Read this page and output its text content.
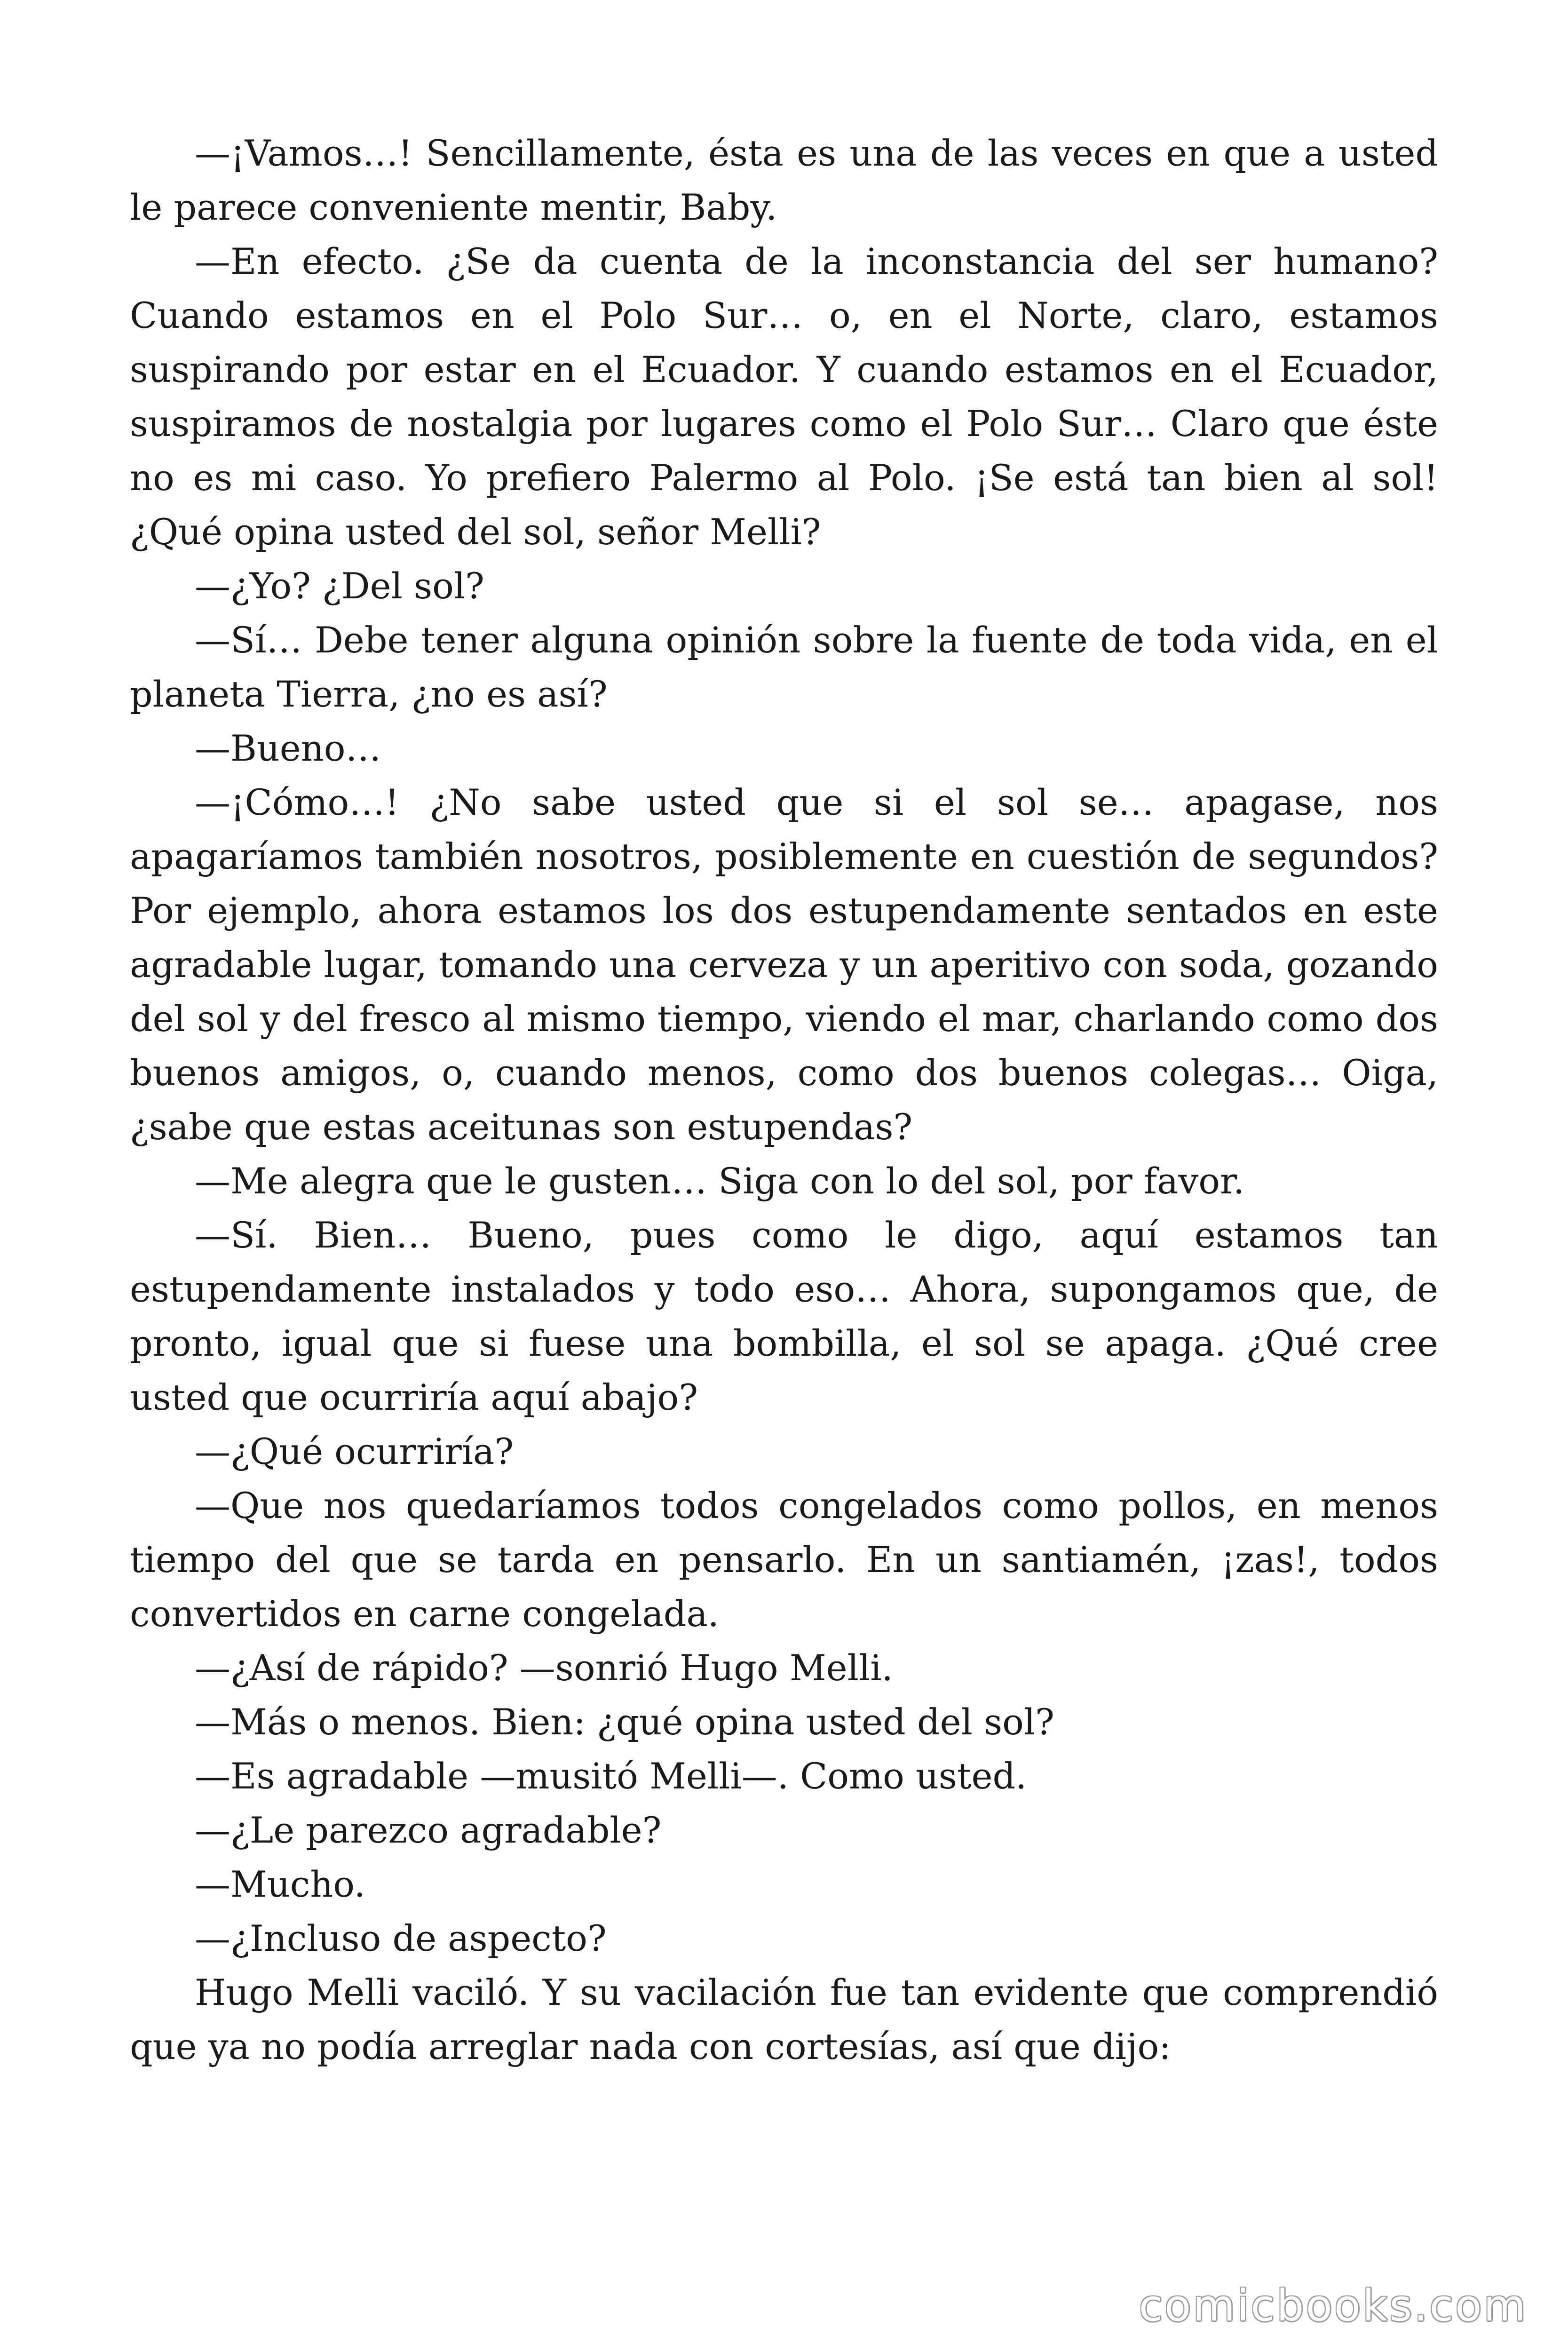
—¡Vamos…! Sencillamente, ésta es una de las veces en que a usted le parece conveniente mentir, Baby.

—En efecto. ¿Se da cuenta de la inconstancia del ser humano? Cuando estamos en el Polo Sur… o, en el Norte, claro, estamos suspirando por estar en el Ecuador. Y cuando estamos en el Ecuador, suspiramos de nostalgia por lugares como el Polo Sur… Claro que éste no es mi caso. Yo prefiero Palermo al Polo. ¡Se está tan bien al sol! ¿Qué opina usted del sol, señor Melli?

—¿Yo? ¿Del sol?

—Sí… Debe tener alguna opinión sobre la fuente de toda vida, en el planeta Tierra, ¿no es así?

—Bueno…

—¡Cómo…! ¿No sabe usted que si el sol se… apagase, nos apagaríamos también nosotros, posiblemente en cuestión de segundos? Por ejemplo, ahora estamos los dos estupendamente sentados en este agradable lugar, tomando una cerveza y un aperitivo con soda, gozando del sol y del fresco al mismo tiempo, viendo el mar, charlando como dos buenos amigos, o, cuando menos, como dos buenos colegas… Oiga, ¿sabe que estas aceitunas son estupendas?

—Me alegra que le gusten… Siga con lo del sol, por favor.

—Sí. Bien… Bueno, pues como le digo, aquí estamos tan estupendamente instalados y todo eso… Ahora, supongamos que, de pronto, igual que si fuese una bombilla, el sol se apaga. ¿Qué cree usted que ocurriría aquí abajo?

—¿Qué ocurriría?

—Que nos quedaríamos todos congelados como pollos, en menos tiempo del que se tarda en pensarlo. En un santiamén, ¡zas!, todos convertidos en carne congelada.

—¿Así de rápido? —sonrió Hugo Melli.

—Más o menos. Bien: ¿qué opina usted del sol?

—Es agradable —musitó Melli—. Como usted.

—¿Le parezco agradable?

—Mucho.

—¿Incluso de aspecto?

Hugo Melli vaciló. Y su vacilación fue tan evidente que comprendió que ya no podía arreglar nada con cortesías, así que dijo:

comicbooks.com
